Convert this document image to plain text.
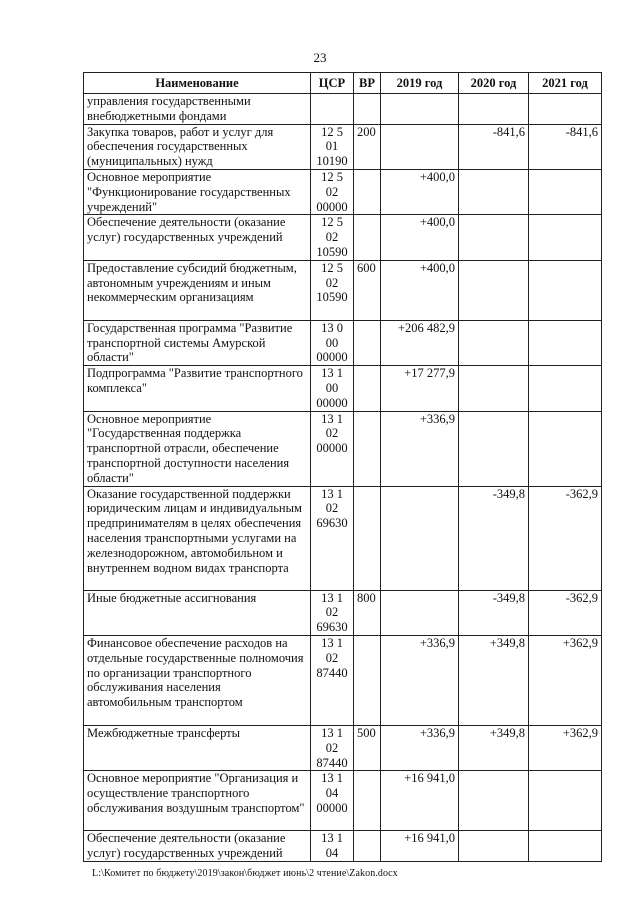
23
Наименование	ЦСР	ВР	2019 год	2020 год	2021 год
управления государственными внебюджетными фондами					
Закупка товаров, работ и услуг для обеспечения государственных (муниципальных) нужд	12 5 01 10190	200		-841,6	-841,6
Основное мероприятие "Функционирование государственных учреждений"	12 5 02 00000		+400,0		
Обеспечение деятельности (оказание услуг) государственных учреждений	12 5 02 10590		+400,0		
Предоставление субсидий бюджетным, автономным учреждениям и иным некоммерческим организациям	12 5 02 10590	600	+400,0		
Государственная программа "Развитие транспортной системы Амурской области"	13 0 00 00000		+206 482,9		
Подпрограмма "Развитие транспортного комплекса"	13 1 00 00000		+17 277,9		
Основное мероприятие "Государственная поддержка транспортной отрасли, обеспечение транспортной доступности населения области"	13 1 02 00000		+336,9		
Оказание государственной поддержки юридическим лицам и индивидуальным предпринимателям в целях обеспечения населения транспортными услугами на железнодорожном, автомобильном и внутреннем водном видах транспорта	13 1 02 69630			-349,8	-362,9
Иные бюджетные ассигнования	13 1 02 69630	800		-349,8	-362,9
Финансовое обеспечение расходов на отдельные государственные полномочия по организации транспортного обслуживания населения автомобильным транспортом	13 1 02 87440		+336,9	+349,8	+362,9
Межбюджетные трансферты	13 1 02 87440	500	+336,9	+349,8	+362,9
Основное мероприятие "Организация и осуществление транспортного обслуживания воздушным транспортом"	13 1 04 00000		+16 941,0		
Обеспечение деятельности (оказание услуг) государственных учреждений	13 1 04		+16 941,0		
L:\Комитет по бюджету\2019\закон\бюджет июнь\2 чтение\Zakon.docx
